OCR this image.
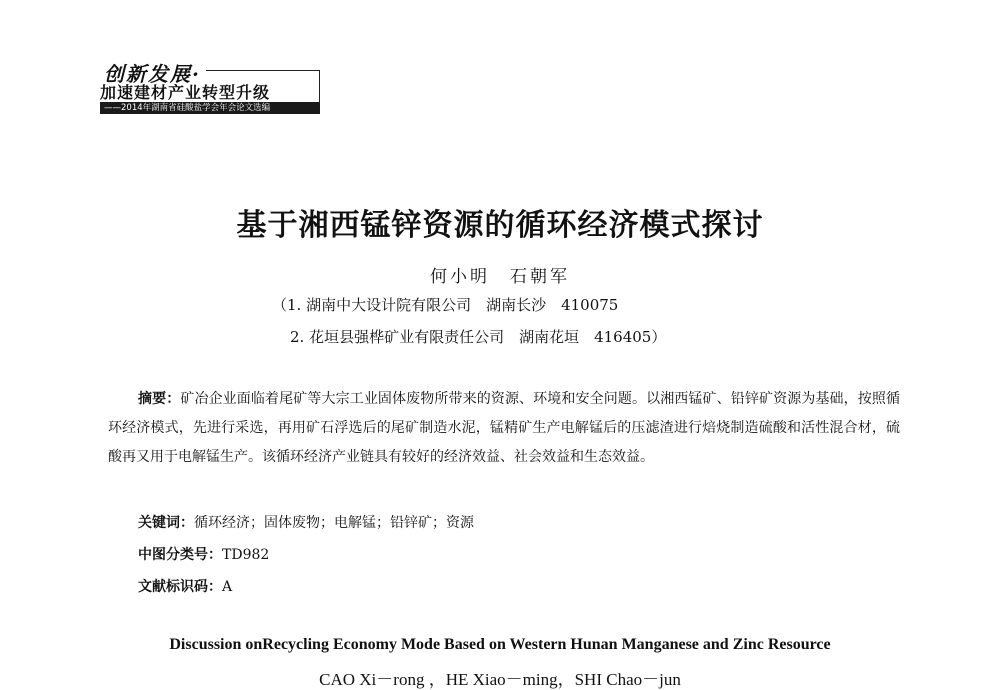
创新发展·
加速建材产业转型升级
——2014年湖南省硅酸盐学会年会论文选编
基于湘西锰锌资源的循环经济模式探讨
何小明　石朝军
（1. 湖南中大设计院有限公司　湖南长沙　410075
2. 花垣县强桦矿业有限责任公司　湖南花垣　416405）
摘要：矿冶企业面临着尾矿等大宗工业固体废物所带来的资源、环境和安全问题。以湘西锰矿、铅锌矿资源为基础，按照循环经济模式，先进行采选，再用矿石浮选后的尾矿制造水泥，锰精矿生产电解锰后的压滤渣进行焙烧制造硫酸和活性混合材，硫酸再又用于电解锰生产。该循环经济产业链具有较好的经济效益、社会效益和生态效益。
关键词：循环经济；固体废物；电解锰；铅锌矿；资源
中图分类号：TD982
文献标识码：A
Discussion onRecycling Economy Mode Based on Western Hunan Manganese and Zinc Resource
CAO Xi－rong ，HE Xiao－ming，SHI Chao－jun
